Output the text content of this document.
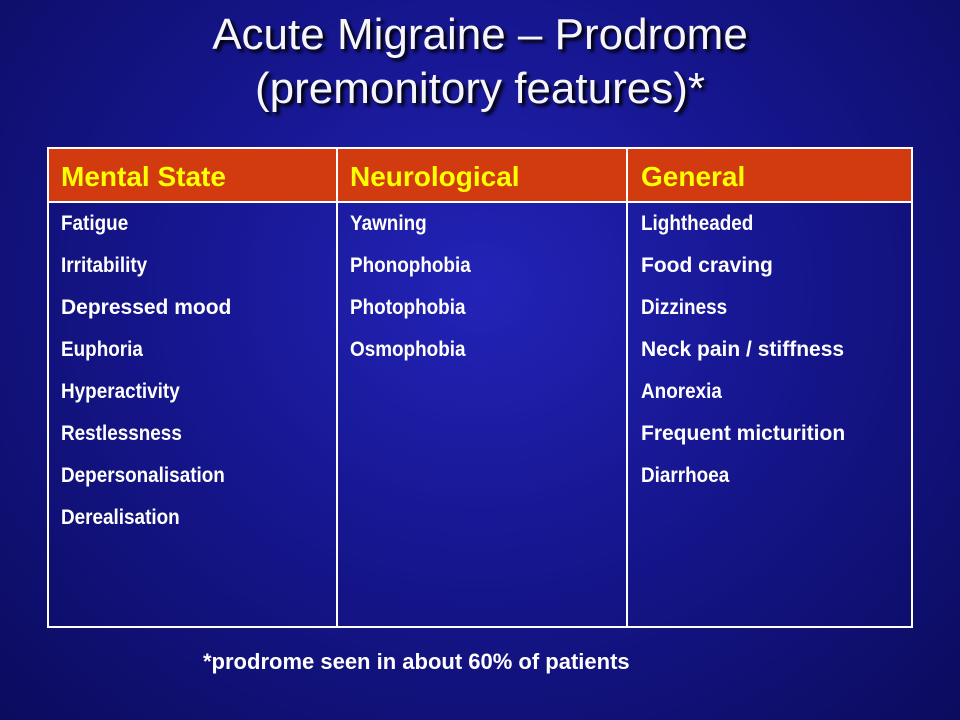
Acute Migraine – Prodrome
(premonitory features)*
Mental State	Neurological	General
Fatigue
Irritability
Depressed mood
Euphoria
Hyperactivity
Restlessness
Depersonalisation
Derealisation
Yawning
Phonophobia
Photophobia
Osmophobia
Lightheaded
Food craving
Dizziness
Neck pain / stiffness
Anorexia
Frequent micturition
Diarrhoea
*prodrome seen in about 60% of patients
